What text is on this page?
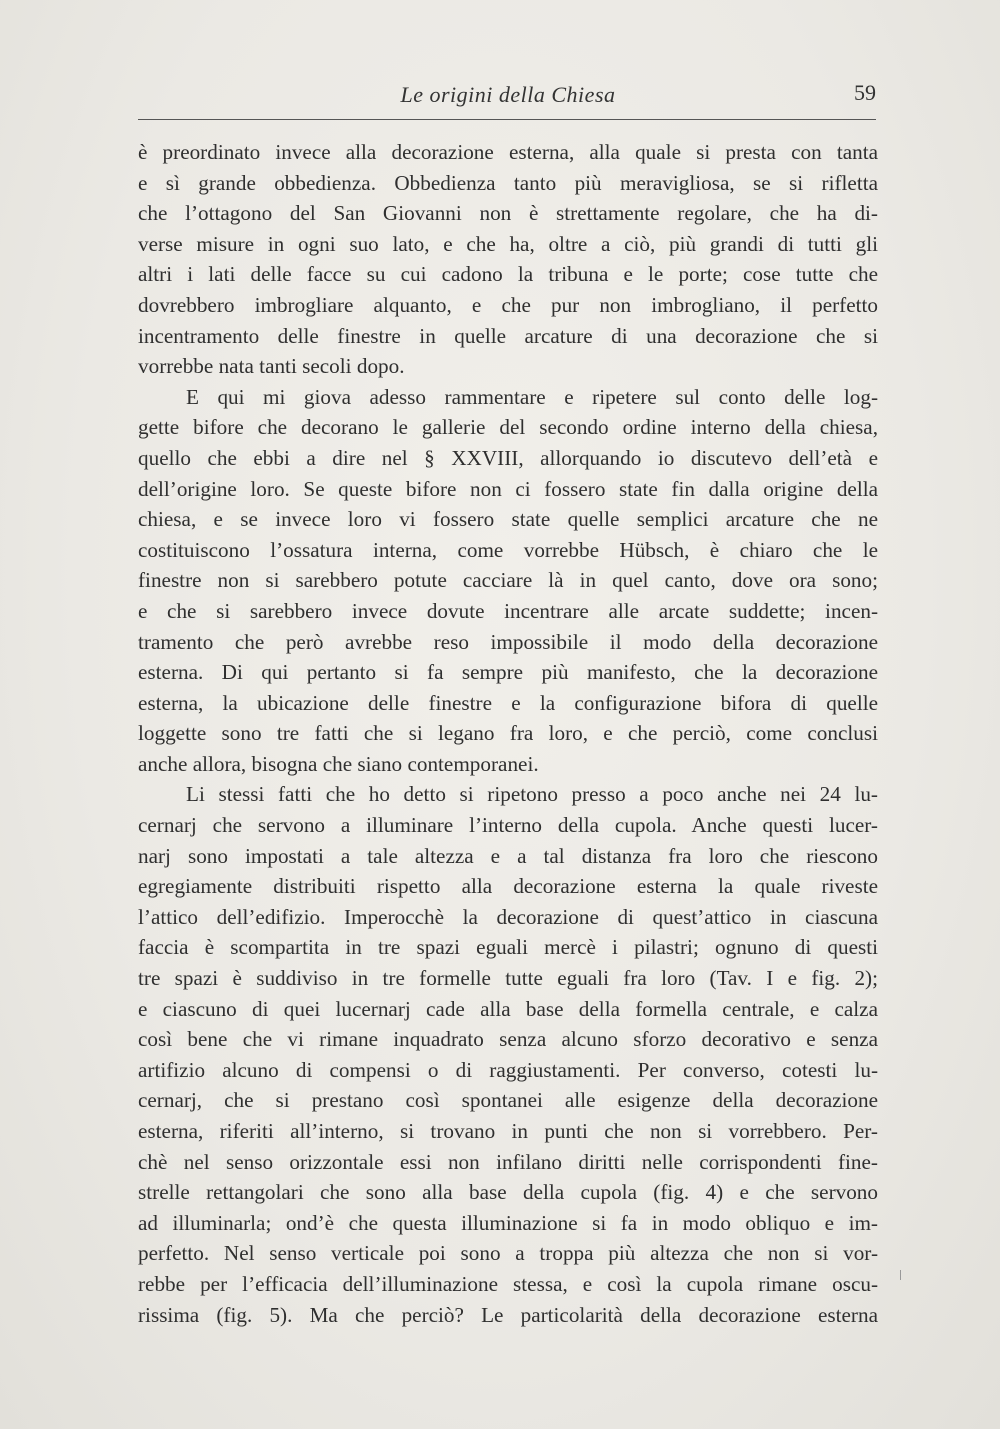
Le origini della Chiesa	59
è preordinato invece alla decorazione esterna, alla quale si presta con tanta
e sì grande obbedienza. Obbedienza tanto più meravigliosa, se si rifletta
che l’ottagono del San Giovanni non è strettamente regolare, che ha di-
verse misure in ogni suo lato, e che ha, oltre a ciò, più grandi di tutti gli
altri i lati delle facce su cui cadono la tribuna e le porte; cose tutte che
dovrebbero imbrogliare alquanto, e che pur non imbrogliano, il perfetto
incentramento delle finestre in quelle arcature di una decorazione che si
vorrebbe nata tanti secoli dopo.
E qui mi giova adesso rammentare e ripetere sul conto delle log-
gette bifore che decorano le gallerie del secondo ordine interno della chiesa,
quello che ebbi a dire nel § XXVIII, allorquando io discutevo dell’età e
dell’origine loro. Se queste bifore non ci fossero state fin dalla origine della
chiesa, e se invece loro vi fossero state quelle semplici arcature che ne
costituiscono l’ossatura interna, come vorrebbe Hübsch, è chiaro che le
finestre non si sarebbero potute cacciare là in quel canto, dove ora sono;
e che si sarebbero invece dovute incentrare alle arcate suddette; incen-
tramento che però avrebbe reso impossibile il modo della decorazione
esterna. Di qui pertanto si fa sempre più manifesto, che la decorazione
esterna, la ubicazione delle finestre e la configurazione bifora di quelle
loggette sono tre fatti che si legano fra loro, e che perciò, come conclusi
anche allora, bisogna che siano contemporanei.
Li stessi fatti che ho detto si ripetono presso a poco anche nei 24 lu-
cernarj che servono a illuminare l’interno della cupola. Anche questi lucer-
narj sono impostati a tale altezza e a tal distanza fra loro che riescono
egregiamente distribuiti rispetto alla decorazione esterna la quale riveste
l’attico dell’edifizio. Imperocchè la decorazione di quest’attico in ciascuna
faccia è scompartita in tre spazi eguali mercè i pilastri; ognuno di questi
tre spazi è suddiviso in tre formelle tutte eguali fra loro (Tav. I e fig. 2);
e ciascuno di quei lucernarj cade alla base della formella centrale, e calza
così bene che vi rimane inquadrato senza alcuno sforzo decorativo e senza
artifizio alcuno di compensi o di raggiustamenti. Per converso, cotesti lu-
cernarj, che si prestano così spontanei alle esigenze della decorazione
esterna, riferiti all’interno, si trovano in punti che non si vorrebbero. Per-
chè nel senso orizzontale essi non infilano diritti nelle corrispondenti fine-
strelle rettangolari che sono alla base della cupola (fig. 4) e che servono
ad illuminarla; ond’è che questa illuminazione si fa in modo obliquo e im-
perfetto. Nel senso verticale poi sono a troppa più altezza che non si vor-
rebbe per l’efficacia dell’illuminazione stessa, e così la cupola rimane oscu-
rissima (fig. 5). Ma che perciò? Le particolarità della decorazione esterna
